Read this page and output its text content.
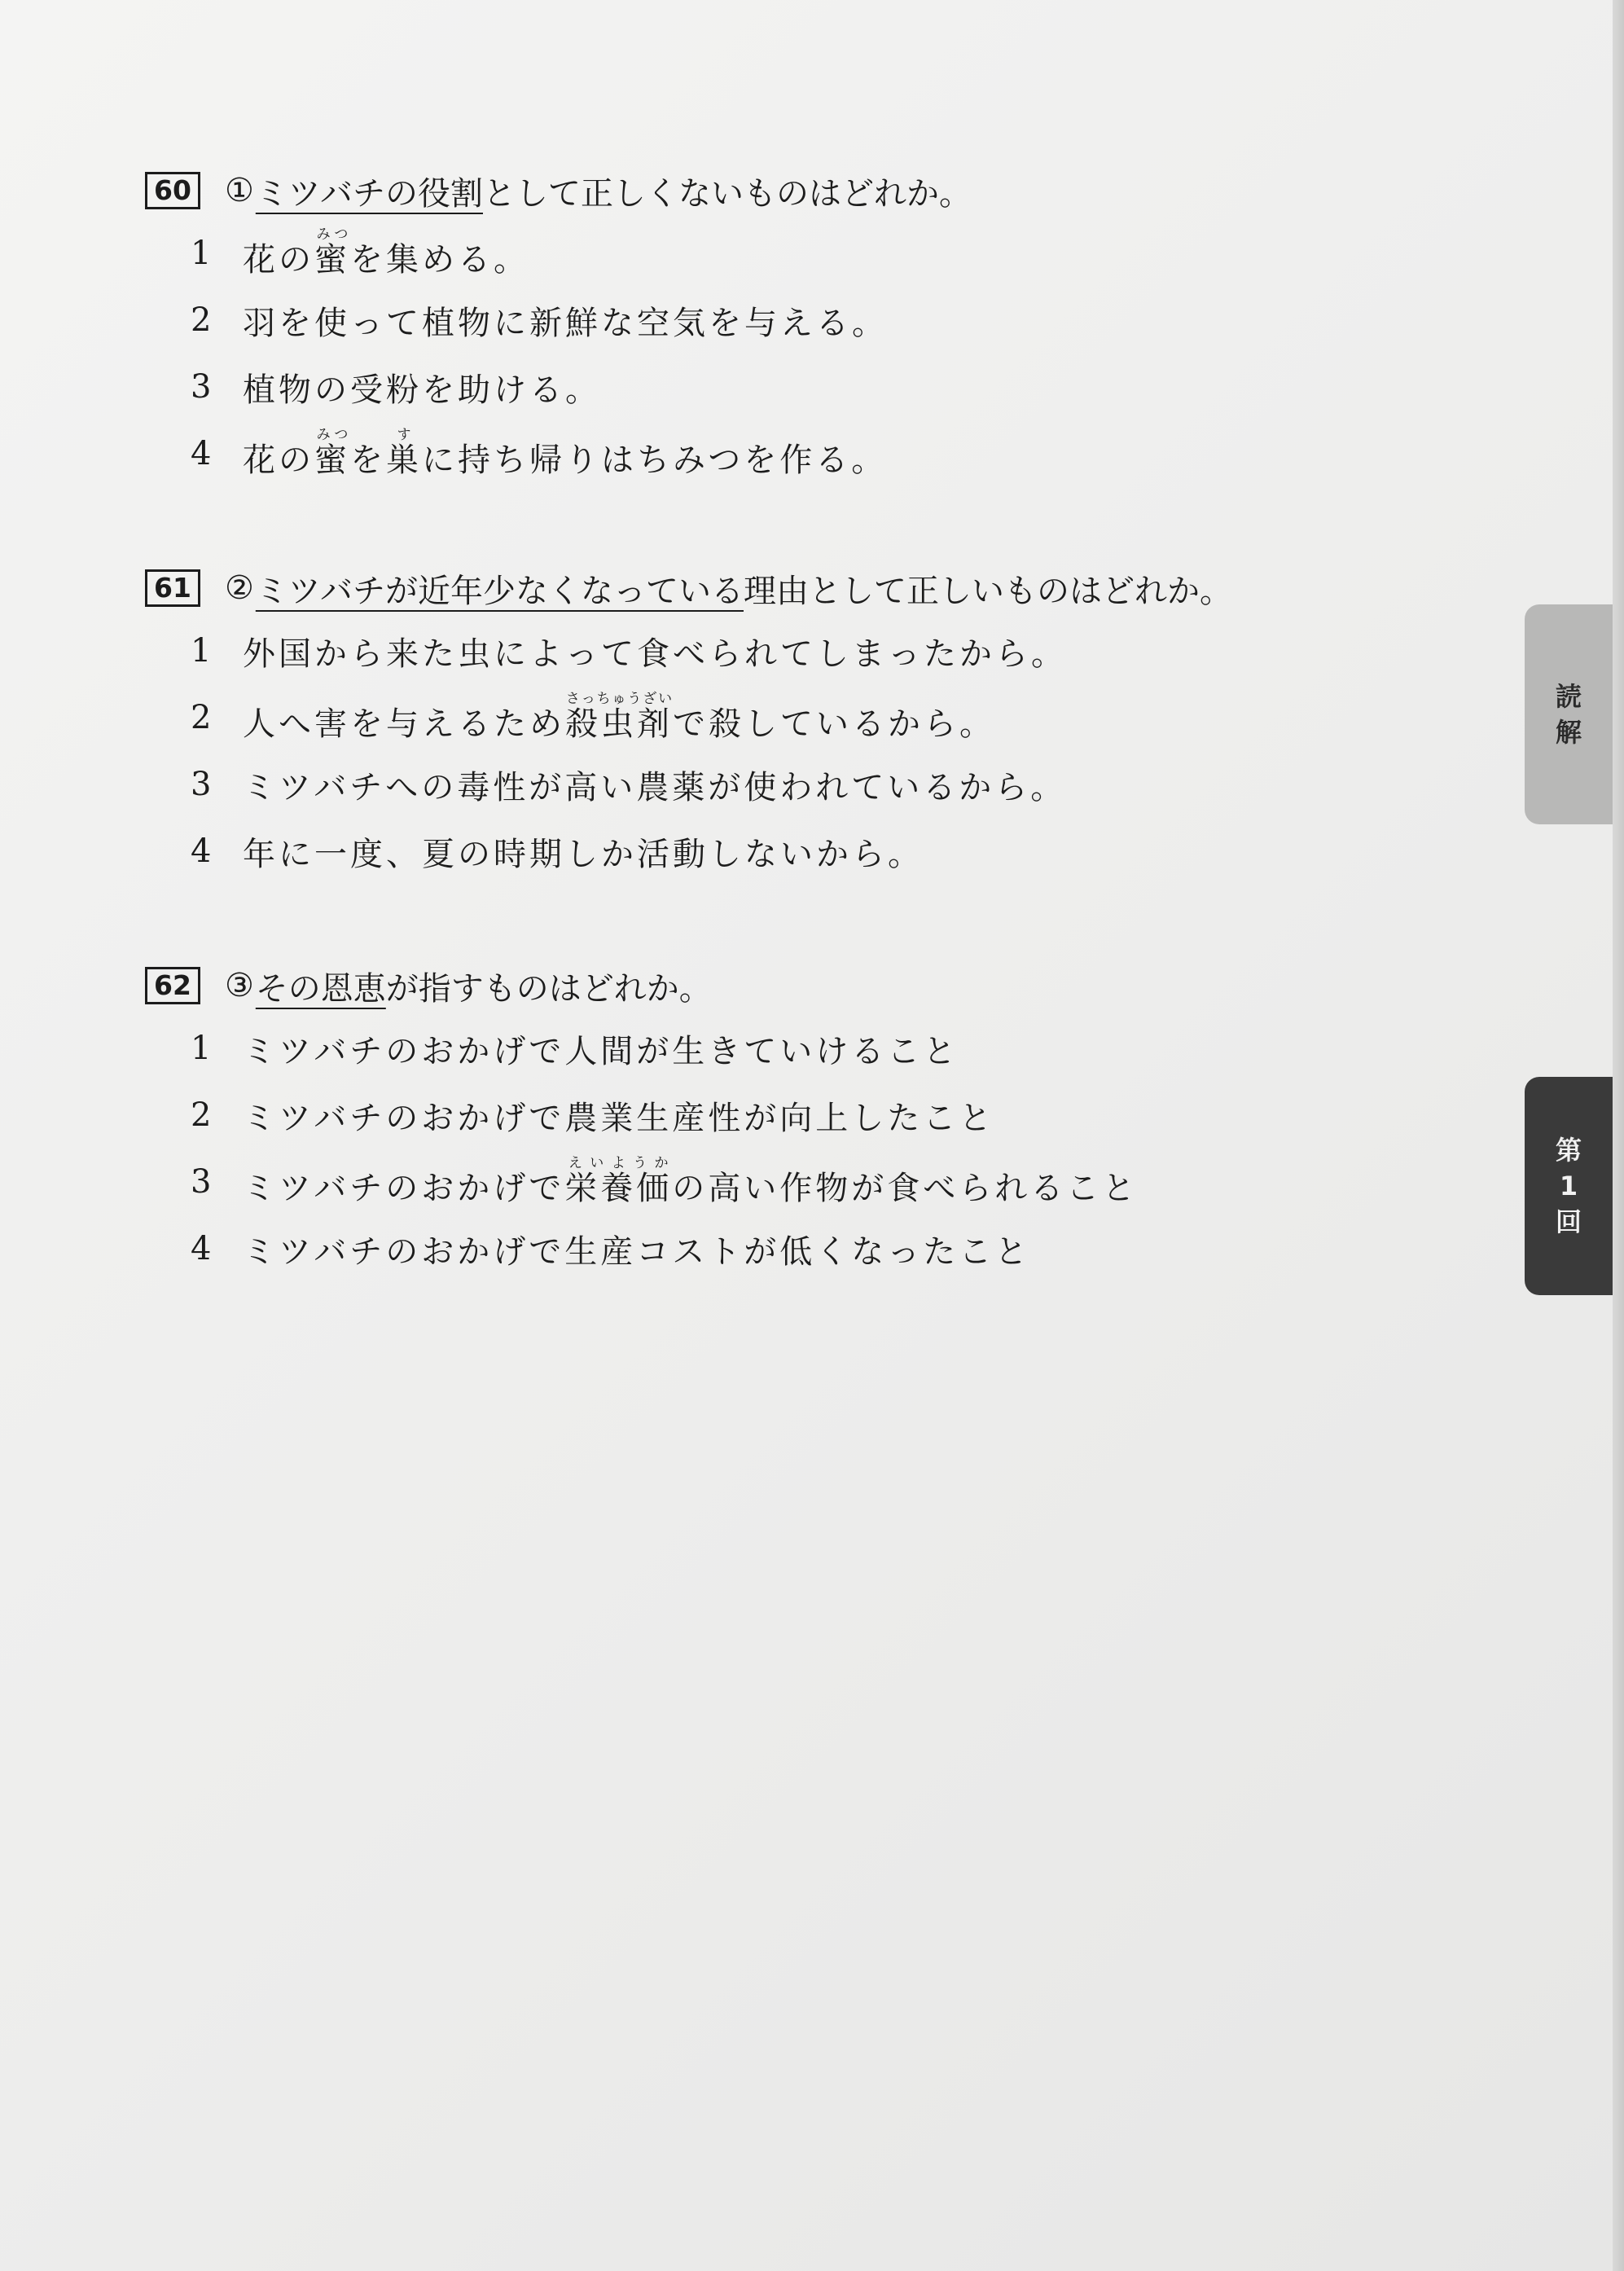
60 ① ミツバチの役割 として正しくないものはどれか。
1 花の蜜みつを集める。
2 羽を使って植物に新鮮な空気を与える。
3 植物の受粉を助ける。
4 花の蜜みつを巣すに持ち帰りはちみつを作る。
61 ② ミツバチが近年少なくなっている 理由として正しいものはどれか。
1 外国から来た虫によって食べられてしまったから。
2 人へ害を与えるため殺虫剤さっちゅうざいで殺しているから。
3 ミツバチへの毒性が高い農薬が使われているから。
4 年に一度、夏の時期しか活動しないから。
62 ③ その恩恵 が指すものはどれか。
1 ミツバチのおかげで人間が生きていけること
2 ミツバチのおかげで農業生産性が向上したこと
3 ミツバチのおかげで栄養価えいようかの高い作物が食べられること
4 ミツバチのおかげで生産コストが低くなったこと
読
解
第
1
回
